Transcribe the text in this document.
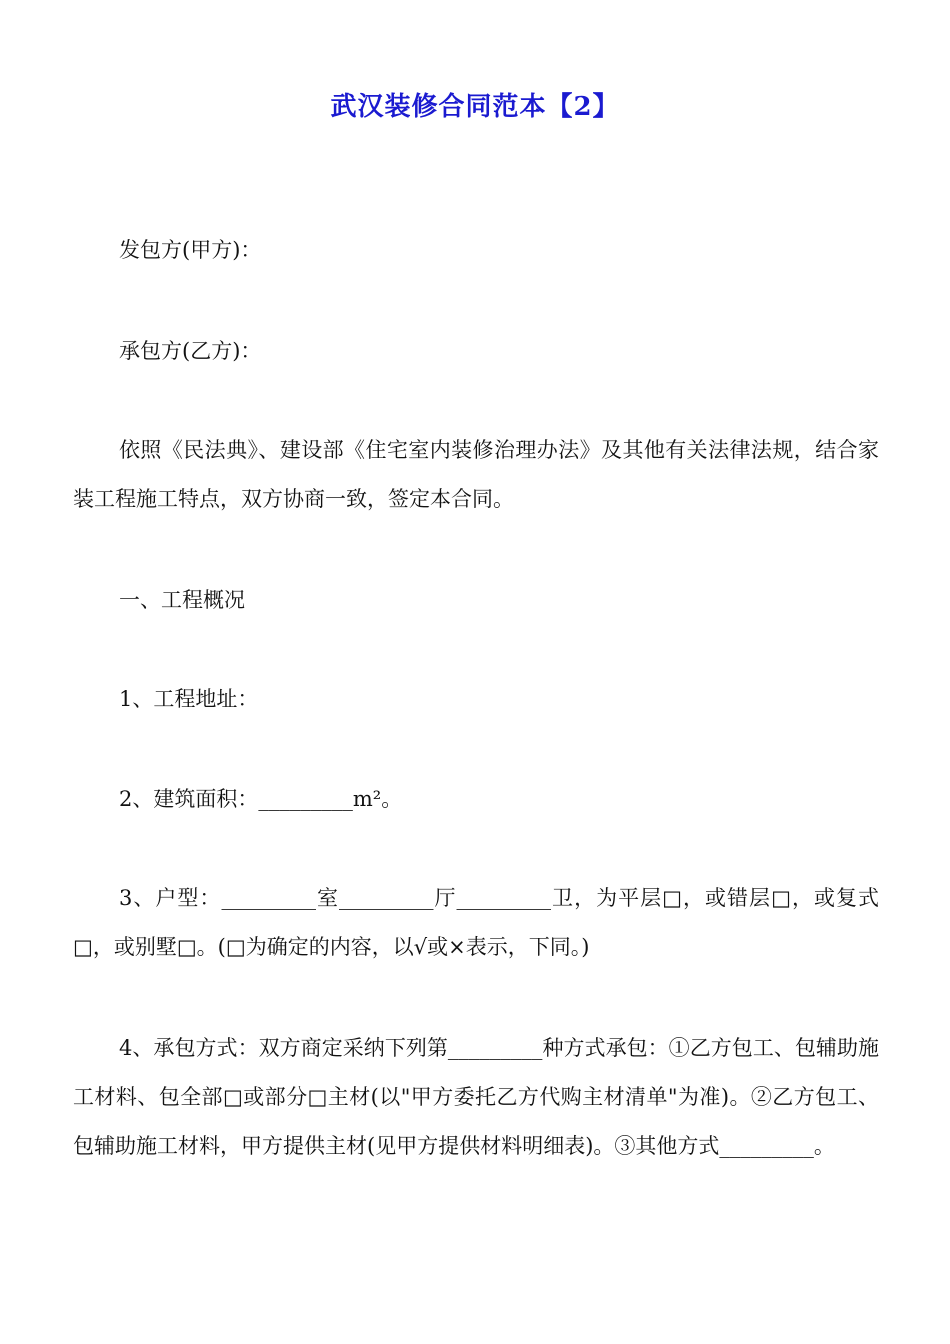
武汉装修合同范本【2】

发包方(甲方)：

承包方(乙方)：

依照《民法典》、建设部《住宅室内装修治理办法》及其他有关法律法规，结合家装工程施工特点，双方协商一致，签定本合同。

一、工程概况

1、工程地址：

2、建筑面积：_________m²。

3、户型：_________室_________厅_________卫，为平层□，或错层□，或复式□，或别墅□。(□为确定的内容，以√或×表示，下同。)

4、承包方式：双方商定采纳下列第_________种方式承包：①乙方包工、包辅助施工材料、包全部□或部分□主材(以"甲方委托乙方代购主材清单"为准)。②乙方包工、包辅助施工材料，甲方提供主材(见甲方提供材料明细表)。③其他方式_________。
